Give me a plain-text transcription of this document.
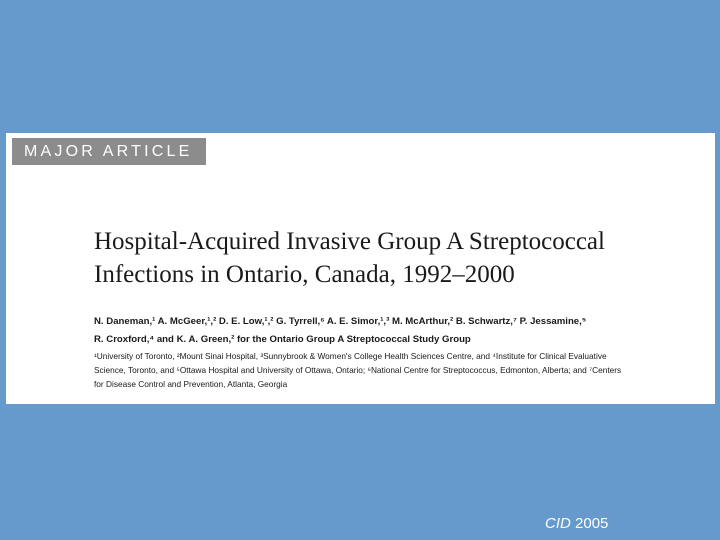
MAJOR ARTICLE
Hospital-Acquired Invasive Group A Streptococcal
Infections in Ontario, Canada, 1992–2000
N. Daneman,¹ A. McGeer,¹,² D. E. Low,¹,² G. Tyrrell,⁶ A. E. Simor,¹,³ M. McArthur,² B. Schwartz,⁷ P. Jessamine,⁵
R. Croxford,⁴ and K. A. Green,² for the Ontario Group A Streptococcal Study Group
¹University of Toronto, ²Mount Sinai Hospital, ³Sunnybrook & Women's College Health Sciences Centre, and ⁴Institute for Clinical Evaluative
Science, Toronto, and ⁵Ottawa Hospital and University of Ottawa, Ontario; ⁶National Centre for Streptococcus, Edmonton, Alberta; and ⁷Centers
for Disease Control and Prevention, Atlanta, Georgia
CID 2005
